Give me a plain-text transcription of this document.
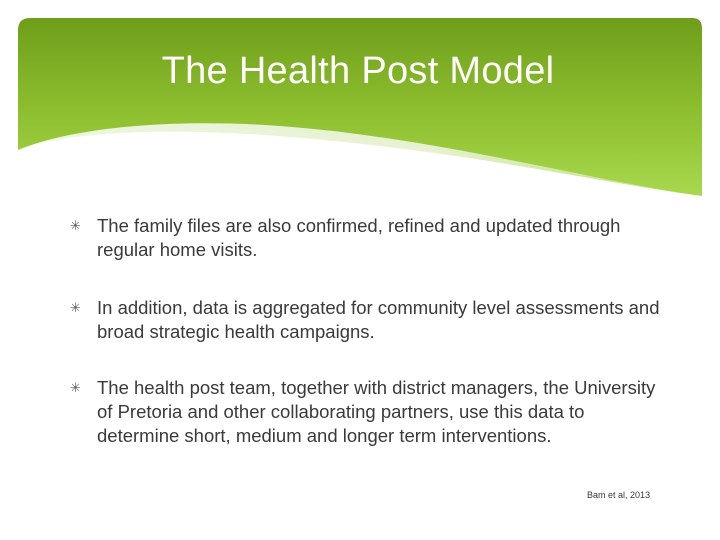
The Health Post Model
✳ The family files are also confirmed, refined and updated through regular home visits.
✳ In addition, data is aggregated for community level assessments and broad strategic health campaigns.
✳ The health post team, together with district managers, the University of Pretoria and other collaborating partners, use this data to determine short, medium and longer term interventions.
Bam et al, 2013
